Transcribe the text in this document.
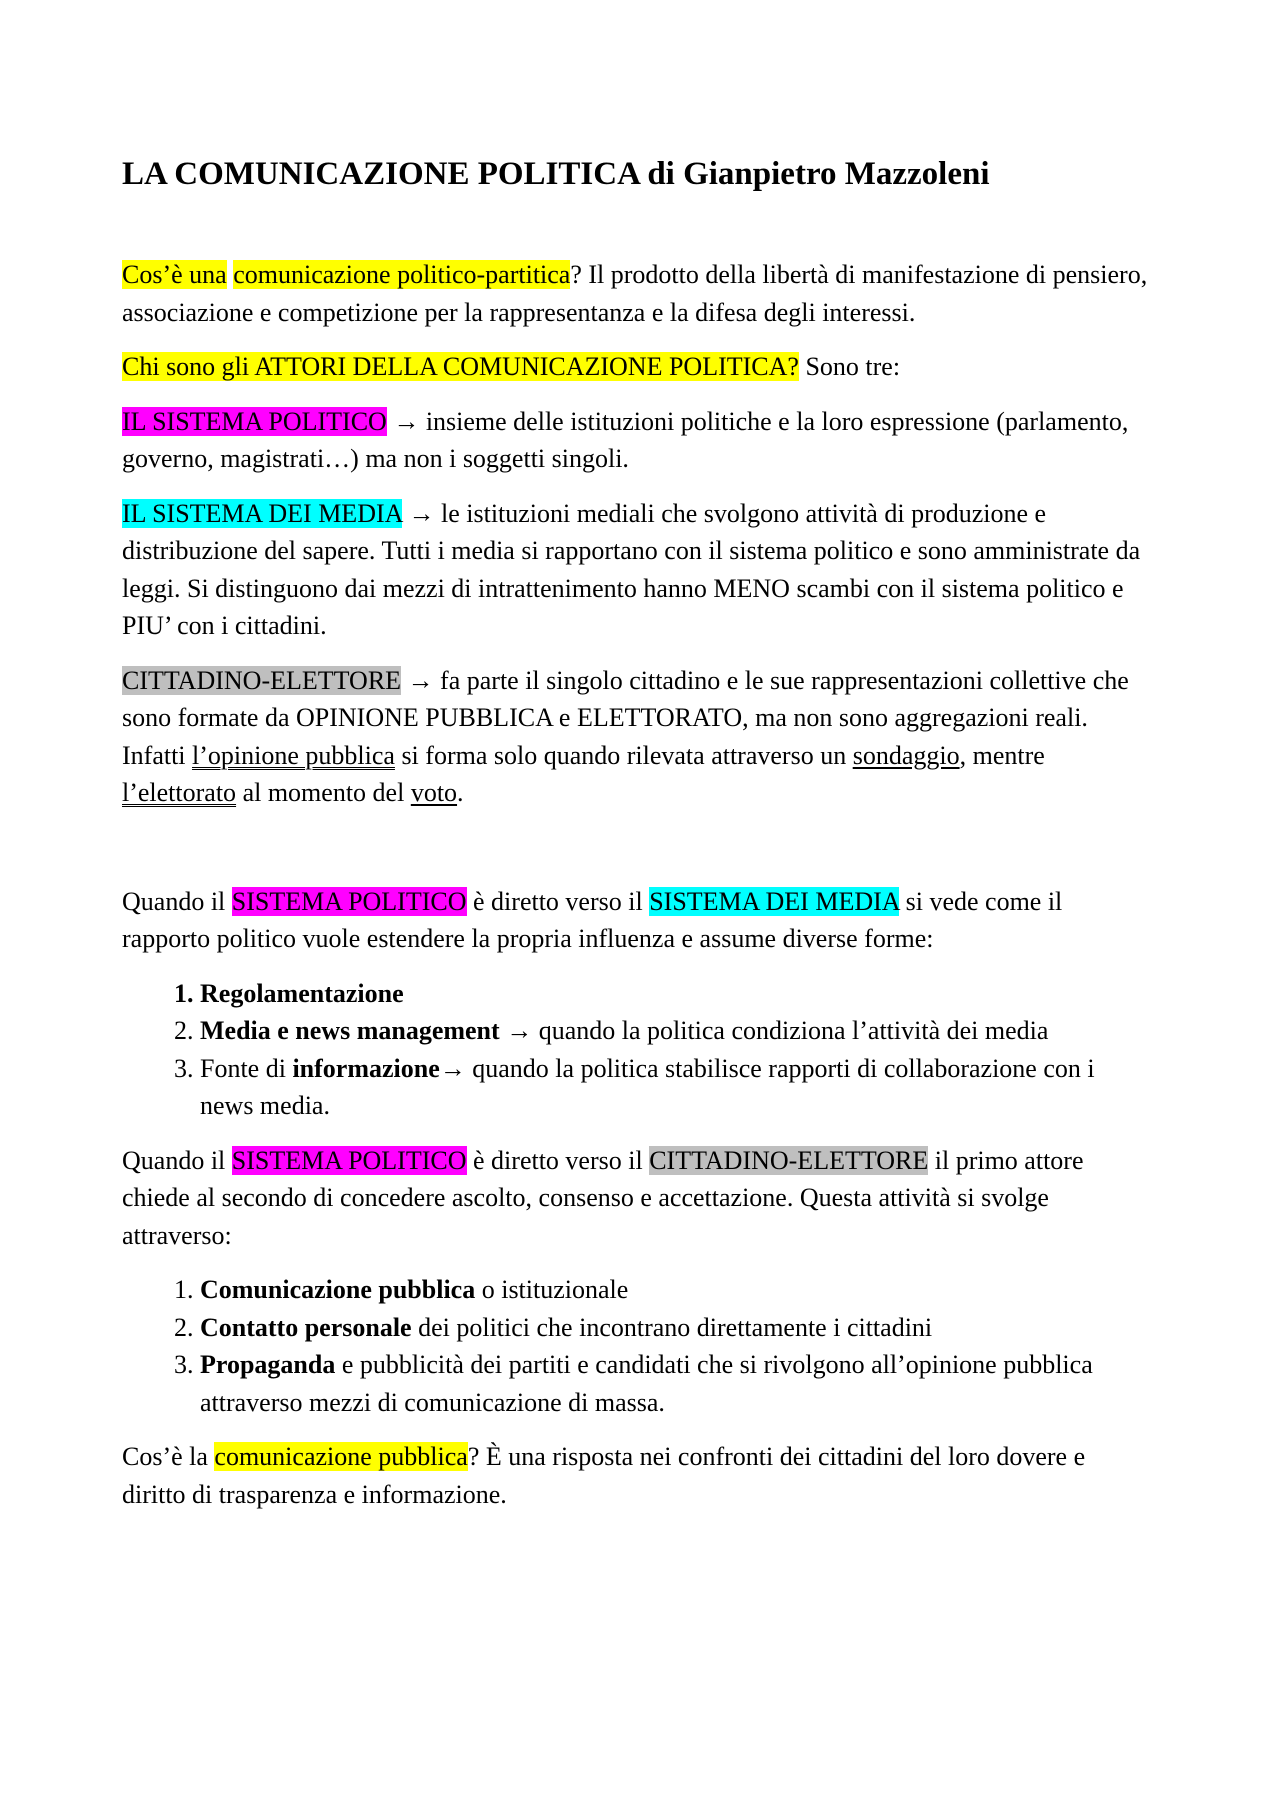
LA COMUNICAZIONE POLITICA di Gianpietro Mazzoleni

Cos’è una comunicazione politico-partitica? Il prodotto della libertà di manifestazione di pensiero, associazione e competizione per la rappresentanza e la difesa degli interessi.

Chi sono gli ATTORI DELLA COMUNICAZIONE POLITICA? Sono tre:

IL SISTEMA POLITICO → insieme delle istituzioni politiche e la loro espressione (parlamento, governo, magistrati…) ma non i soggetti singoli.

IL SISTEMA DEI MEDIA → le istituzioni mediali che svolgono attività di produzione e distribuzione del sapere. Tutti i media si rapportano con il sistema politico e sono amministrate da leggi. Si distinguono dai mezzi di intrattenimento hanno MENO scambi con il sistema politico e PIU’ con i cittadini.

CITTADINO-ELETTORE → fa parte il singolo cittadino e le sue rappresentazioni collettive che sono formate da OPINIONE PUBBLICA e ELETTORATO, ma non sono aggregazioni reali. Infatti l’opinione pubblica si forma solo quando rilevata attraverso un sondaggio, mentre l’elettorato al momento del voto.

Quando il SISTEMA POLITICO è diretto verso il SISTEMA DEI MEDIA si vede come il rapporto politico vuole estendere la propria influenza e assume diverse forme:

1. Regolamentazione
2. Media e news management → quando la politica condiziona l’attività dei media
3. Fonte di informazione→ quando la politica stabilisce rapporti di collaborazione con i news media.

Quando il SISTEMA POLITICO è diretto verso il CITTADINO-ELETTORE il primo attore chiede al secondo di concedere ascolto, consenso e accettazione. Questa attività si svolge attraverso:

1. Comunicazione pubblica o istituzionale
2. Contatto personale dei politici che incontrano direttamente i cittadini
3. Propaganda e pubblicità dei partiti e candidati che si rivolgono all’opinione pubblica attraverso mezzi di comunicazione di massa.

Cos’è la comunicazione pubblica? È una risposta nei confronti dei cittadini del loro dovere e diritto di trasparenza e informazione.
